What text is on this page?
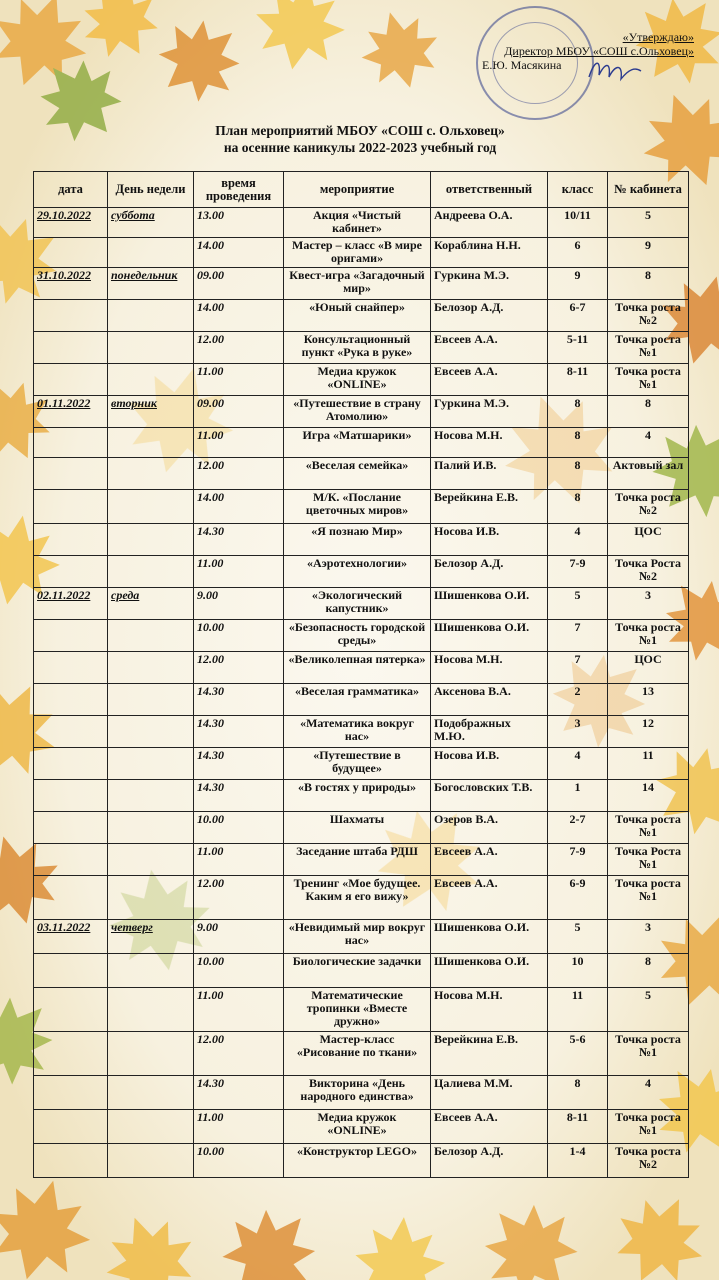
«Утверждаю»
Директор МБОУ «СОШ с.Ольховец»
Е.Ю. Масякина
План мероприятий МБОУ «СОШ с. Ольховец»
на осенние каникулы 2022-2023 учебный год
дата	День недели	время проведения	мероприятие	ответственный	класс	№ кабинета
29.10.2022	суббота	13.00	Акция «Чистый кабинет»	Андреева О.А.	10/11	5
		14.00	Мастер – класс «В мире оригами»	Кораблина Н.Н.	6	9
31.10.2022	понедельник	09.00	Квест-игра «Загадочный мир»	Гуркина М.Э.	9	8
		14.00	«Юный снайпер»	Белозор А.Д.	6-7	Точка роста №2
		12.00	Консультационный пункт «Рука в руке»	Евсеев А.А.	5-11	Точка роста №1
		11.00	Медиа кружок «ONLINE»	Евсеев А.А.	8-11	Точка роста №1
01.11.2022	вторник	09.00	«Путешествие в страну Атомолию»	Гуркина М.Э.	8	8
		11.00	Игра «Матшарики»	Носова М.Н.	8	4
		12.00	«Веселая семейка»	Палий И.В.	8	Актовый зал
		14.00	М/К. «Послание цветочных миров»	Верейкина Е.В.	8	Точка роста №2
		14.30	«Я познаю Мир»	Носова И.В.	4	ЦОС
		11.00	«Аэротехнологии»	Белозор А.Д.	7-9	Точка Роста №2
02.11.2022	среда	9.00	«Экологический капустник»	Шишенкова О.И.	5	3
		10.00	«Безопасность городской среды»	Шишенкова О.И.	7	Точка роста №1
		12.00	«Великолепная пятерка»	Носова М.Н.	7	ЦОС
		14.30	«Веселая грамматика»	Аксенова В.А.	2	13
		14.30	«Математика вокруг нас»	Подображных М.Ю.	3	12
		14.30	«Путешествие в будущее»	Носова И.В.	4	11
		14.30	«В гостях у природы»	Богословских Т.В.	1	14
		10.00	Шахматы	Озеров В.А.	2-7	Точка роста №1
		11.00	Заседание штаба РДШ	Евсеев А.А.	7-9	Точка Роста №1
		12.00	Тренинг «Мое будущее. Каким я его вижу»	Евсеев А.А.	6-9	Точка роста №1
03.11.2022	четверг	9.00	«Невидимый мир вокруг нас»	Шишенкова О.И.	5	3
		10.00	Биологические задачки	Шишенкова О.И.	10	8
		11.00	Математические тропинки «Вместе дружно»	Носова М.Н.	11	5
		12.00	Мастер-класс «Рисование по ткани»	Верейкина Е.В.	5-6	Точка роста №1
		14.30	Викторина «День народного единства»	Цалиева М.М.	8	4
		11.00	Медиа кружок «ONLINE»	Евсеев А.А.	8-11	Точка роста №1
		10.00	«Конструктор LEGO»	Белозор А.Д.	1-4	Точка роста №2
